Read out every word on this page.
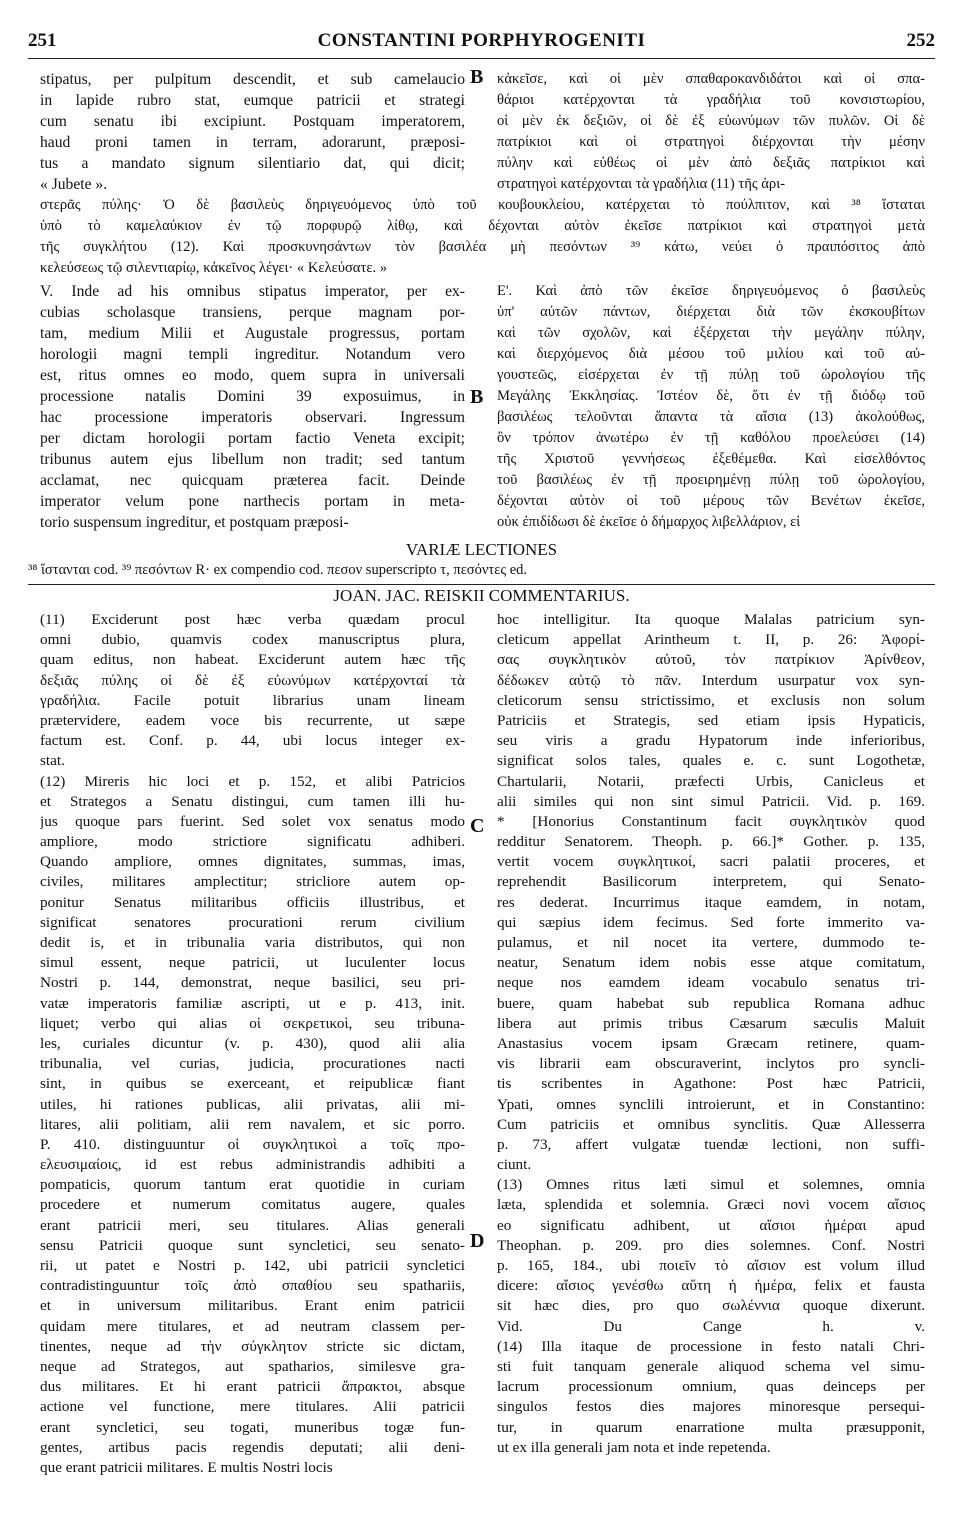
251	CONSTANTINI PORPHYROGENITI	252
stipatus, per pulpitum descendit, et sub camelaucio
in lapide rubro stat, eumque patricii et strategi
cum senatu ibi excipiunt. Postquam imperatorem,
haud proni tamen in terram, adorarunt, præposi-
tus a mandato signum silentiario dat, qui dicit;
« Jubete ».
κἀκεῖσε, καὶ οἱ μὲν σπαθαροκανδιδάτοι καὶ οἱ σπα-
θάριοι κατέρχονται τὰ γραδήλια τοῦ κονσιστωρίου,
οἱ μὲν ἐκ δεξιῶν, οἱ δὲ ἐξ εὐωνύμων τῶν πυλῶν. Οἱ δὲ
πατρίκιοι καὶ οἱ στρατηγοὶ διέρχονται τὴν μέσην
πύλην καὶ εὐθέως οἱ μὲν ἀπὸ δεξιᾶς πατρίκιοι καὶ
στρατηγοὶ κατέρχονται τὰ γραδήλια (11) τῆς ἀρι-
B
στερᾶς πύλης· Ὁ δὲ βασιλεὺς δηριγευόμενος ὑπὸ τοῦ κουβουκλείου, κατέρχεται τὸ πούλπιτον, καὶ ³⁸ ἵσταται
ὑπὸ τὸ καμελαύκιον ἐν τῷ πορφυρῷ λίθῳ, καὶ δέχονται αὐτὸν ἐκεῖσε πατρίκιοι καὶ στρατηγοὶ μετὰ
τῆς συγκλήτου (12). Καὶ προσκυνησάντων τὸν βασιλέα μὴ πεσόντων ³⁹ κάτω, νεύει ὁ πραιπόσιτος ἀπὸ
κελεύσεως τῷ σιλεντιαρίῳ, κἀκεῖνος λέγει· « Κελεύσατε. »
V. Inde ad his omnibus stipatus imperator, per ex-
cubias scholasque transiens, perque magnam por-
tam, medium Milii et Augustale progressus, portam
horologii magni templi ingreditur. Notandum vero
est, ritus omnes eo modo, quem supra in universali
processione natalis Domini 39 exposuimus, in
hac processione imperatoris observari. Ingressum
per dictam horologii portam factio Veneta excipit;
tribunus autem ejus libellum non tradit; sed tantum
acclamat, nec quicquam præterea facit. Deinde
imperator velum pone narthecis portam in meta-
torio suspensum ingreditur, et postquam præposi-
Ε'. Καὶ ἀπὸ τῶν ἐκεῖσε δηριγευόμενος ὁ βασιλεὺς
ὑπ' αὐτῶν πάντων, διέρχεται διὰ τῶν ἐκσκουβίτων
καὶ τῶν σχολῶν, καὶ ἐξέρχεται τὴν μεγάλην πύλην,
καὶ διερχόμενος διὰ μέσου τοῦ μιλίου καὶ τοῦ αὐ-
γουστεῶς, εἰσέρχεται ἐν τῇ πύλῃ τοῦ ὡρολογίου τῆς
Μεγάλης Ἐκκλησίας. Ἰστέον δὲ, ὅτι ἐν τῇ διόδῳ τοῦ
βασιλέως τελοῦνται ἅπαντα τὰ αἴσια (13) ἀκολούθως,
ὃν τρόπον ἀνωτέρω ἐν τῇ καθόλου προελεύσει (14)
τῆς Χριστοῦ γεννήσεως ἐξεθέμεθα. Καὶ εἰσελθόντος
τοῦ βασιλέως ἐν τῇ προειρημένῃ πύλῃ τοῦ ὡρολογίου,
δέχονται αὐτὸν οἱ τοῦ μέρους τῶν Βενέτων ἐκεῖσε,
οὐκ ἐπιδίδωσι δὲ ἐκεῖσε ὁ δήμαρχος λιβελλάριον, εἰ
B
VARIÆ LECTIONES
³⁸ ἵστανται cod. ³⁹ πεσόντων R· ex compendio cod. πεσον superscripto τ, πεσόντες ed.
JOAN. JAC. REISKII COMMENTARIUS.
(11) Exciderunt post hæc verba quædam procul
omni dubio, quamvis codex manuscriptus plura,
quam editus, non habeat. Exciderunt autem hæc τῆς
δεξιᾶς πύλης οἱ δὲ ἐξ εὐωνύμων κατέρχονταί τὰ
γραδήλια. Facile potuit librarius unam lineam
prætervidere, eadem voce bis recurrente, ut sæpe
factum est. Conf. p. 44, ubi locus integer ex-
stat.
(12) Mireris hic loci et p. 152, et alibi Patricios
et Strategos a Senatu distingui, cum tamen illi hu-
jus quoque pars fuerint. Sed solet vox senatus modo
ampliore, modo strictiore significatu adhiberi.
Quando ampliore, omnes dignitates, summas, imas,
civiles, militares amplectitur; stricliore autem op-
ponitur Senatus militaribus officiis illustribus, et
significat senatores procurationi rerum civilium
dedit is, et in tribunalia varia distributos, qui non
simul essent, neque patricii, ut luculenter locus
Nostri p. 144, demonstrat, neque basilici, seu pri-
vatæ imperatoris familiæ ascripti, ut e p. 413, init.
liquet; verbo qui alias οἱ σεκρετικοὶ, seu tribuna-
les, curiales dicuntur (v. p. 430), quod alii alia
tribunalia, vel curias, judicia, procurationes nacti
sint, in quibus se exerceant, et reipublicæ fiant
utiles, hi rationes publicas, alii privatas, alii mi-
litares, alii politiam, alii rem navalem, et sic porro.
P. 410. distinguuntur οἱ συγκλητικοὶ a τοῖς προ-
ελευσιμαίοις, id est rebus administrandis adhibiti a
pompaticis, quorum tantum erat quotidie in curiam
procedere et numerum comitatus augere, quales
erant patricii meri, seu titulares. Alias generali
sensu Patricii quoque sunt syncletici, seu senato-
rii, ut patet e Nostri p. 142, ubi patricii syncletici
contradistinguuntur τοῖς ἀπὸ σπαθίου seu spathariis,
et in universum militaribus. Erant enim patricii
quidam mere titulares, et ad neutram classem per-
tinentes, neque ad τὴν σύγκλητον stricte sic dictam,
neque ad Strategos, aut spatharios, similesve gra-
dus militares. Et hi erant patricii ἄπρακτοι, absque
actione vel functione, mere titulares. Alii patricii
erant syncletici, seu togati, muneribus togæ fun-
gentes, artibus pacis regendis deputati; alii deni-
que erant patricii militares. E multis Nostri locis
hoc intelligitur. Ita quoque Malalas patricium syn-
cleticum appellat Arintheum t. II, p. 26: Ἀφορί-
σας συγκλητικὸν αὐτοῦ, τὸν πατρίκιον Ἀρίνθεον,
δέδωκεν αὐτῷ τὸ πᾶν. Interdum usurpatur vox syn-
cleticorum sensu strictissimo, et exclusis non solum
Patriciis et Strategis, sed etiam ipsis Hypaticis,
seu viris a gradu Hypatorum inde inferioribus,
significat solos tales, quales e. c. sunt Logothetæ,
Chartularii, Notarii, præfecti Urbis, Canicleus et
alii similes qui non sint simul Patricii. Vid. p. 169.
* [Honorius Constantinum facit συγκλητικὸν quod
redditur Senatorem. Theoph. p. 66.]* Gother. p. 135,
vertit vocem συγκλητικοί, sacri palatii proceres, et
reprehendit Basilicorum interpretem, qui Senato-
res dederat. Incurrimus itaque eamdem, in notam,
qui sæpius idem fecimus. Sed forte immerito va-
pulamus, et nil nocet ita vertere, dummodo te-
neatur, Senatum idem nobis esse atque comitatum,
neque nos eamdem ideam vocabulo senatus tri-
buere, quam habebat sub republica Romana adhuc
libera aut primis tribus Cæsarum sæculis Maluit
Anastasius vocem ipsam Græcam retinere, quam-
vis librarii eam obscuraverint, inclytos pro syncli-
tis scribentes in Agathone: Post hæc Patricii,
Ypati, omnes synclili introierunt, et in Constantino:
Cum patriciis et omnibus synclitis. Quæ Allesserra
p. 73, affert vulgatæ tuendæ lectioni, non suffi-
ciunt.
(13) Omnes ritus læti simul et solemnes, omnia
læta, splendida et solemnia. Græci novi vocem αἴσιος
eo significatu adhibent, ut αἴσιοι ἡμέραι apud
Theophan. p. 209. pro dies solemnes. Conf. Nostri
p. 165, 184., ubi ποιεῖν τὸ αἴσιον est volum illud
dicere: αἴσιος γενέσθω αὕτη ἡ ἡμέρα, felix et fausta
sit hæc dies, pro quo σωλέννια quoque dixerunt.
Vid. Du Cange h. v.
(14) Illa itaque de processione in festo natali Chri-
sti fuit tanquam generale aliquod schema vel simu-
lacrum processionum omnium, quas deinceps per
singulos festos dies majores minoresque persequi-
tur, in quarum enarratione multa præsupponit,
ut ex illa generali jam nota et inde repetenda.
C
D
